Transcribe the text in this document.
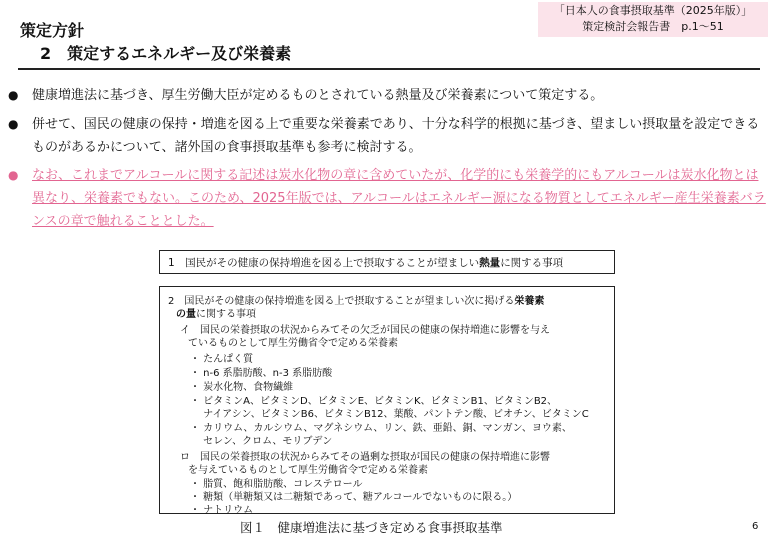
策定方針
2　策定するエネルギー及び栄養素
「日本人の食事摂取基準（2025年版）」
策定検討会報告書　p.1～51
●	健康増進法に基づき、厚生労働大臣が定めるものとされている熱量及び栄養素について策定する。
●	併せて、国民の健康の保持・増進を図る上で重要な栄養素であり、十分な科学的根拠に基づき、望ましい摂取量を設定できるものがあるかについて、諸外国の食事摂取基準も参考に検討する。
●	なお、これまでアルコールに関する記述は炭水化物の章に含めていたが、化学的にも栄養学的にもアルコールは炭水化物とは異なり、栄養素でもない。このため、2025年版では、アルコールはエネルギー源になる物質としてエネルギー産生栄養素バランスの章で触れることとした。
1　国民がその健康の保持増進を図る上で摂取することが望ましい熱量に関する事項
2　国民がその健康の保持増進を図る上で摂取することが望ましい次に掲げる栄養素
の量に関する事項
イ　国民の栄養摂取の状況からみてその欠乏が国民の健康の保持増進に影響を与え
ているものとして厚生労働省令で定める栄養素
・ たんぱく質
・ n-6 系脂肪酸、n-3 系脂肪酸
・ 炭水化物、食物繊維
・ ビタミンA、ビタミンD、ビタミンE、ビタミンK、ビタミンB1、ビタミンB2、
　 ナイアシン、ビタミンB6、ビタミンB12、葉酸、パントテン酸、ビオチン、ビタミンC
・ カリウム、カルシウム、マグネシウム、リン、鉄、亜鉛、銅、マンガン、ヨウ素、
　 セレン、クロム、モリブデン
ロ　国民の栄養摂取の状況からみてその過剰な摂取が国民の健康の保持増進に影響
を与えているものとして厚生労働省令で定める栄養素
・ 脂質、飽和脂肪酸、コレステロール
・ 糖類（単糖類又は二糖類であって、糖アルコールでないものに限る。）
・ ナトリウム
図１　健康増進法に基づき定める食事摂取基準	6
